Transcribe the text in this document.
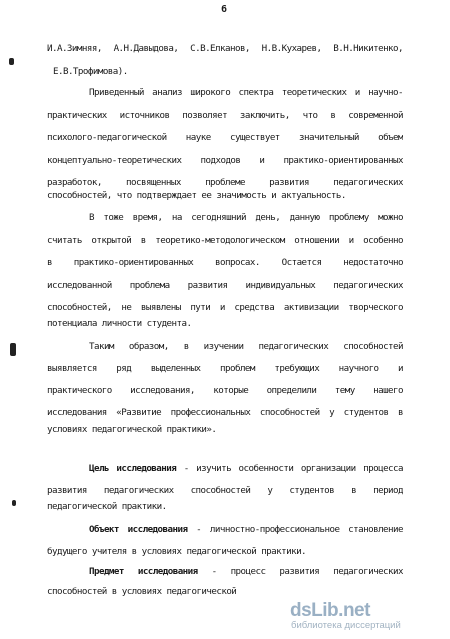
6
И.А.Зимняя, А.Н.Давыдова, С.В.Елканов, Н.В.Кухарев, В.Н.Никитенко,
Е.В.Трофимова).
Приведенный анализ широкого спектра теоретических и научно-
практических источников позволяет заключить, что в современной
психолого-педагогической науке существует значительный объем
концептуально-теоретических подходов и практико-ориентированных
разработок, посвященных проблеме развития педагогических
способностей, что подтверждает ее значимость и актуальность.
В тоже время, на сегодняшний день, данную проблему можно
считать открытой в теоретико-методологическом отношении и особенно
в практико-ориентированных вопросах. Остается недостаточно
исследованной проблема развития индивидуальных педагогических
способностей, не выявлены пути и средства активизации творческого
потенциала личности студента.
Таким образом, в изучении педагогических способностей
выявляется ряд выделенных проблем требующих научного и
практического исследования, которые определили тему нашего
исследования «Развитие профессиональных способностей у студентов в
условиях педагогической практики».
Цель исследования - изучить особенности организации процесса
развития педагогических способностей у студентов в период
педагогической практики.
Объект исследования - личностно-профессиональное становление
будущего учителя в условиях педагогической практики.
Предмет исследования - процесс развития педагогических
способностей в условиях педагогической
dsLib.net
библиотека диссертаций
